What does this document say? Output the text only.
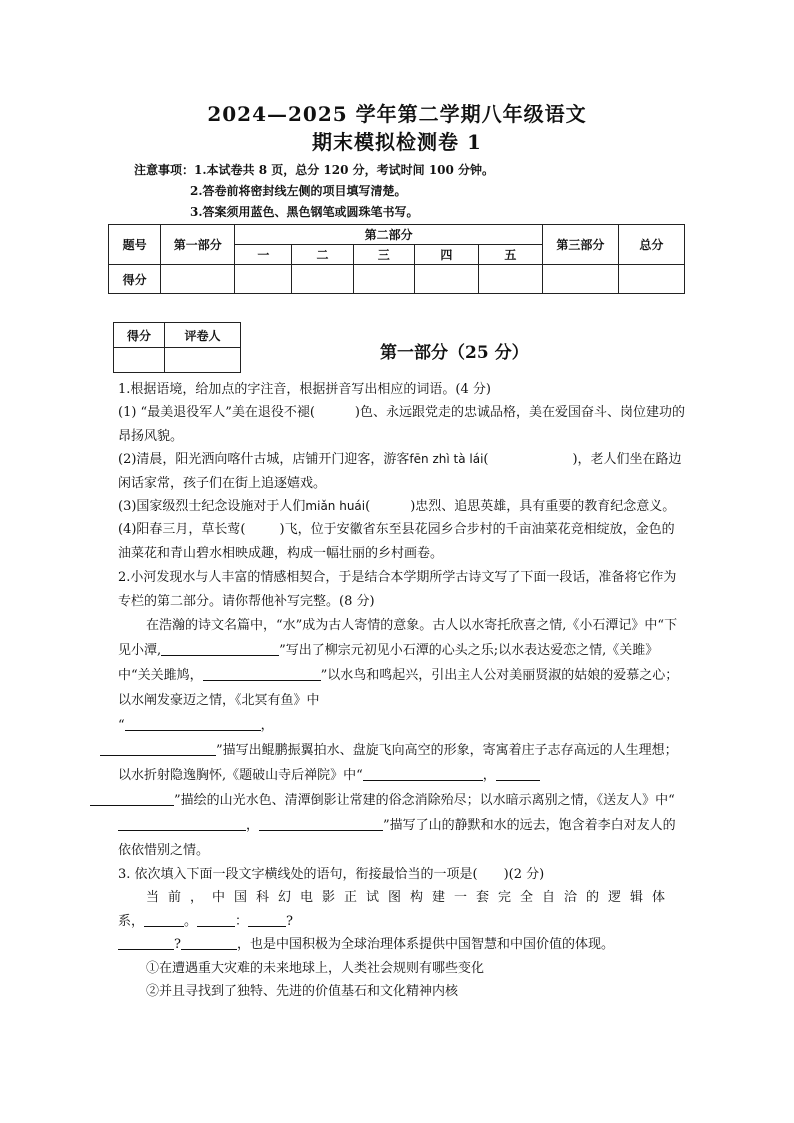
2024—2025 学年第二学期八年级语文
期末模拟检测卷 1
注意事项：1.本试卷共 8 页，总分 120 分，考试时间 100 分钟。
2.答卷前将密封线左侧的项目填写清楚。
3.答案须用蓝色、黑色钢笔或圆珠笔书写。
题号	第一部分	第二部分					第三部分	总分
		一	二	三	四	五		
得分								
得分	评卷人

第一部分（25 分）

1.根据语境，给加点的字注音，根据拼音写出相应的词语。(4 分)

(1) “最美退役军人”美在退役不褪(	)色、永远跟党走的忠诚品格，美在爱国奋斗、岗位建功的昂扬风貌。

(2)清晨，阳光洒向喀什古城，店铺开门迎客，游客fēn zhì tà lái(	)，老人们坐在路边闲话家常，孩子们在街上追逐嬉戏。

(3)国家级烈士纪念设施对于人们miǎn huái(	)忠烈、追思英雄，具有重要的教育纪念意义。

(4)阳春三月，草长莺(	)飞，位于安徽省东至县花园乡合步村的千亩油菜花竞相绽放，金色的油菜花和青山碧水相映成趣，构成一幅壮丽的乡村画卷。

2.小河发现水与人丰富的情感相契合，于是结合本学期所学古诗文写了下面一段话，准备将它作为专栏的第二部分。请你帮他补写完整。(8 分)

在浩瀚的诗文名篇中，“水”成为古人寄情的意象。古人以水寄托欣喜之情,《小石潭记》中“下见小潭,	”写出了柳宗元初见小石潭的心头之乐;以水表达爱恋之情,《关雎》中“关关雎鸠，	”以水鸟和鸣起兴，引出主人公对美丽贤淑的姑娘的爱慕之心；以水阐发豪迈之情，《北冥有鱼》中
“	，
”描写出鲲鹏振翼拍水、盘旋飞向高空的形象，寄寓着庄子志存高远的人生理想；以水折射隐逸胸怀,《题破山寺后禅院》中“	，
”描绘的山光水色、清潭倒影让常建的俗念消除殆尽；以水暗示离别之情，《送友人》中“，	”描写了山的静默和水的远去，饱含着李白对友人的依依惜别之情。

3. 依次填入下面一段文字横线处的语句，衔接最恰当的一项是(　　)(2 分)

当前，中国科幻电影正试图构建一套完全自洽的逻辑体

系，	。	：	?

?	，也是中国积极为全球治理体系提供中国智慧和中国价值的体现。

①在遭遇重大灾难的未来地球上，人类社会规则有哪些变化

②并且寻找到了独特、先进的价值基石和文化精神内核
